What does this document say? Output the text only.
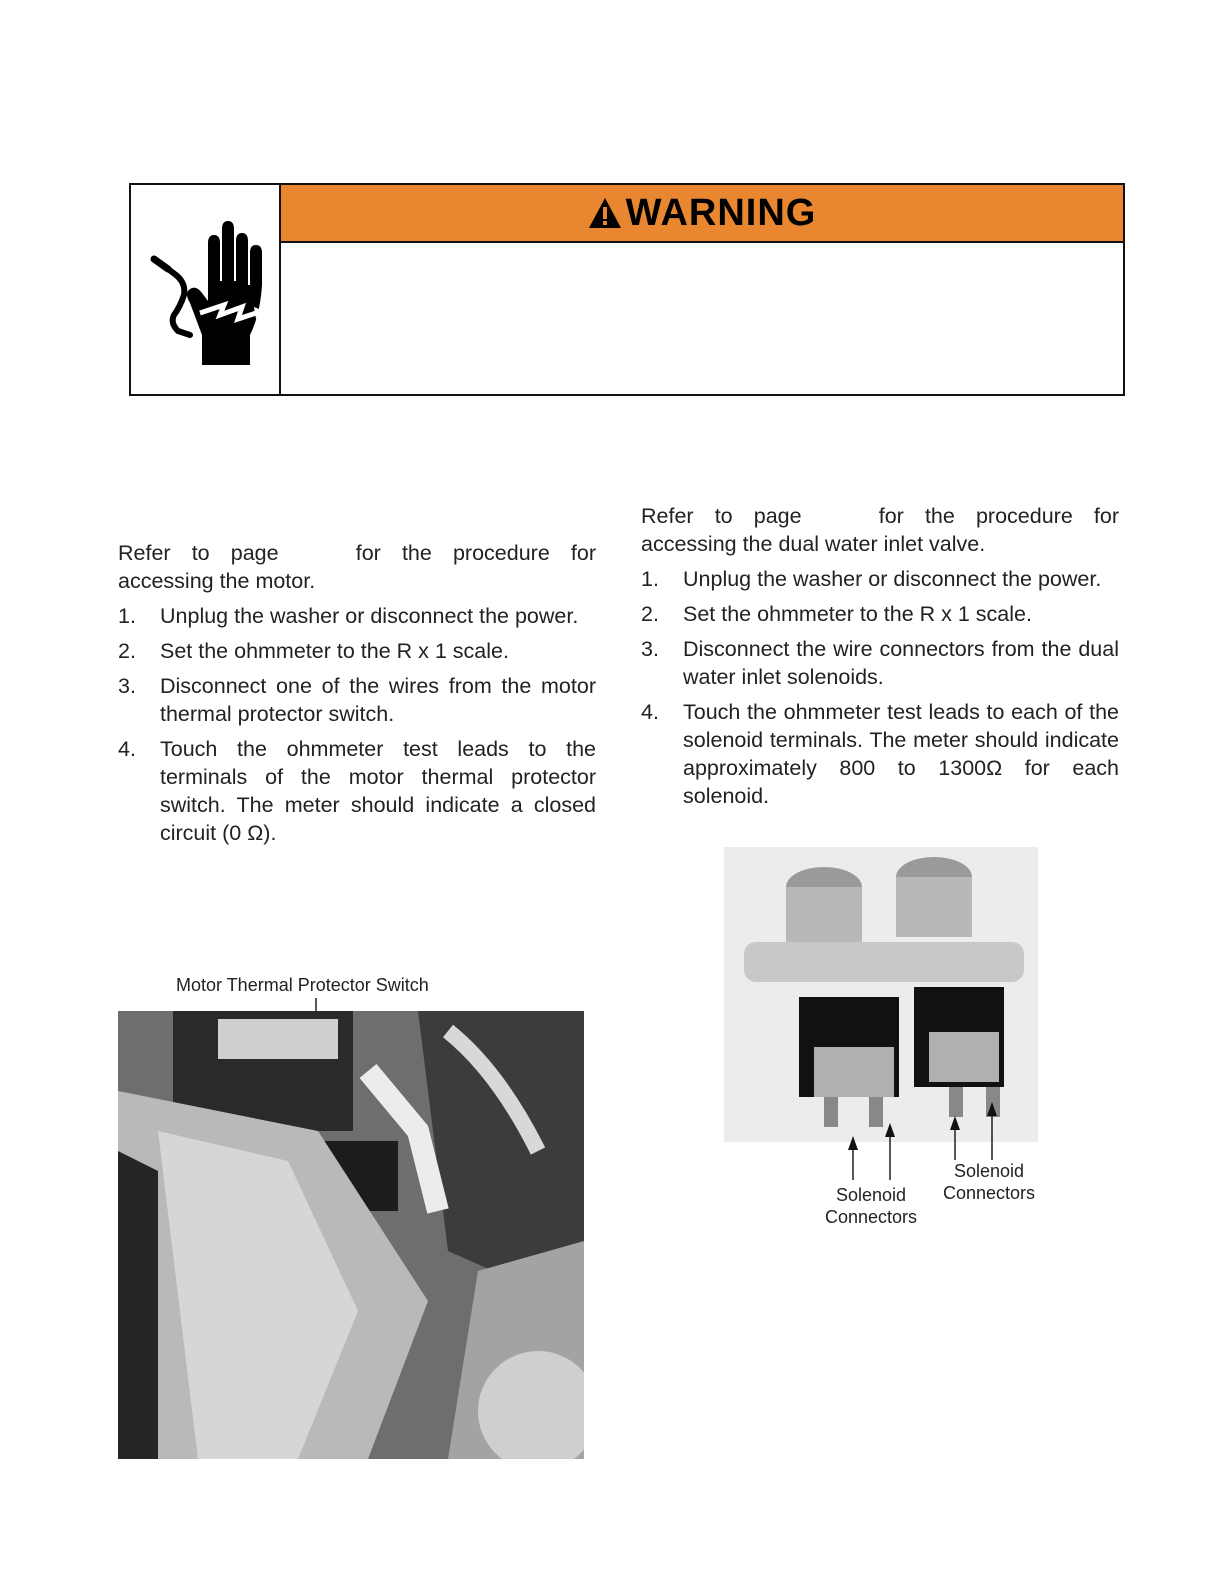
WARNING

Refer to page	for the procedure for accessing the motor.

1.	Unplug the washer or disconnect the power.
2.	Set the ohmmeter to the R x 1 scale.
3.	Disconnect one of the wires from the motor thermal protector switch.
4.	Touch the ohmmeter test leads to the terminals of the motor thermal protector switch. The meter should indicate a closed circuit (0 Ω).

Refer to page	for the procedure for accessing the dual water inlet valve.

1.	Unplug the washer or disconnect the power.
2.	Set the ohmmeter to the R x 1 scale.
3.	Disconnect the wire connectors from the dual water inlet solenoids.
4.	Touch the ohmmeter test leads to each of the solenoid terminals. The meter should indicate approximately 800 to 1300Ω for each solenoid.
Motor Thermal Protector Switch
Solenoid Connectors
Solenoid Connectors
